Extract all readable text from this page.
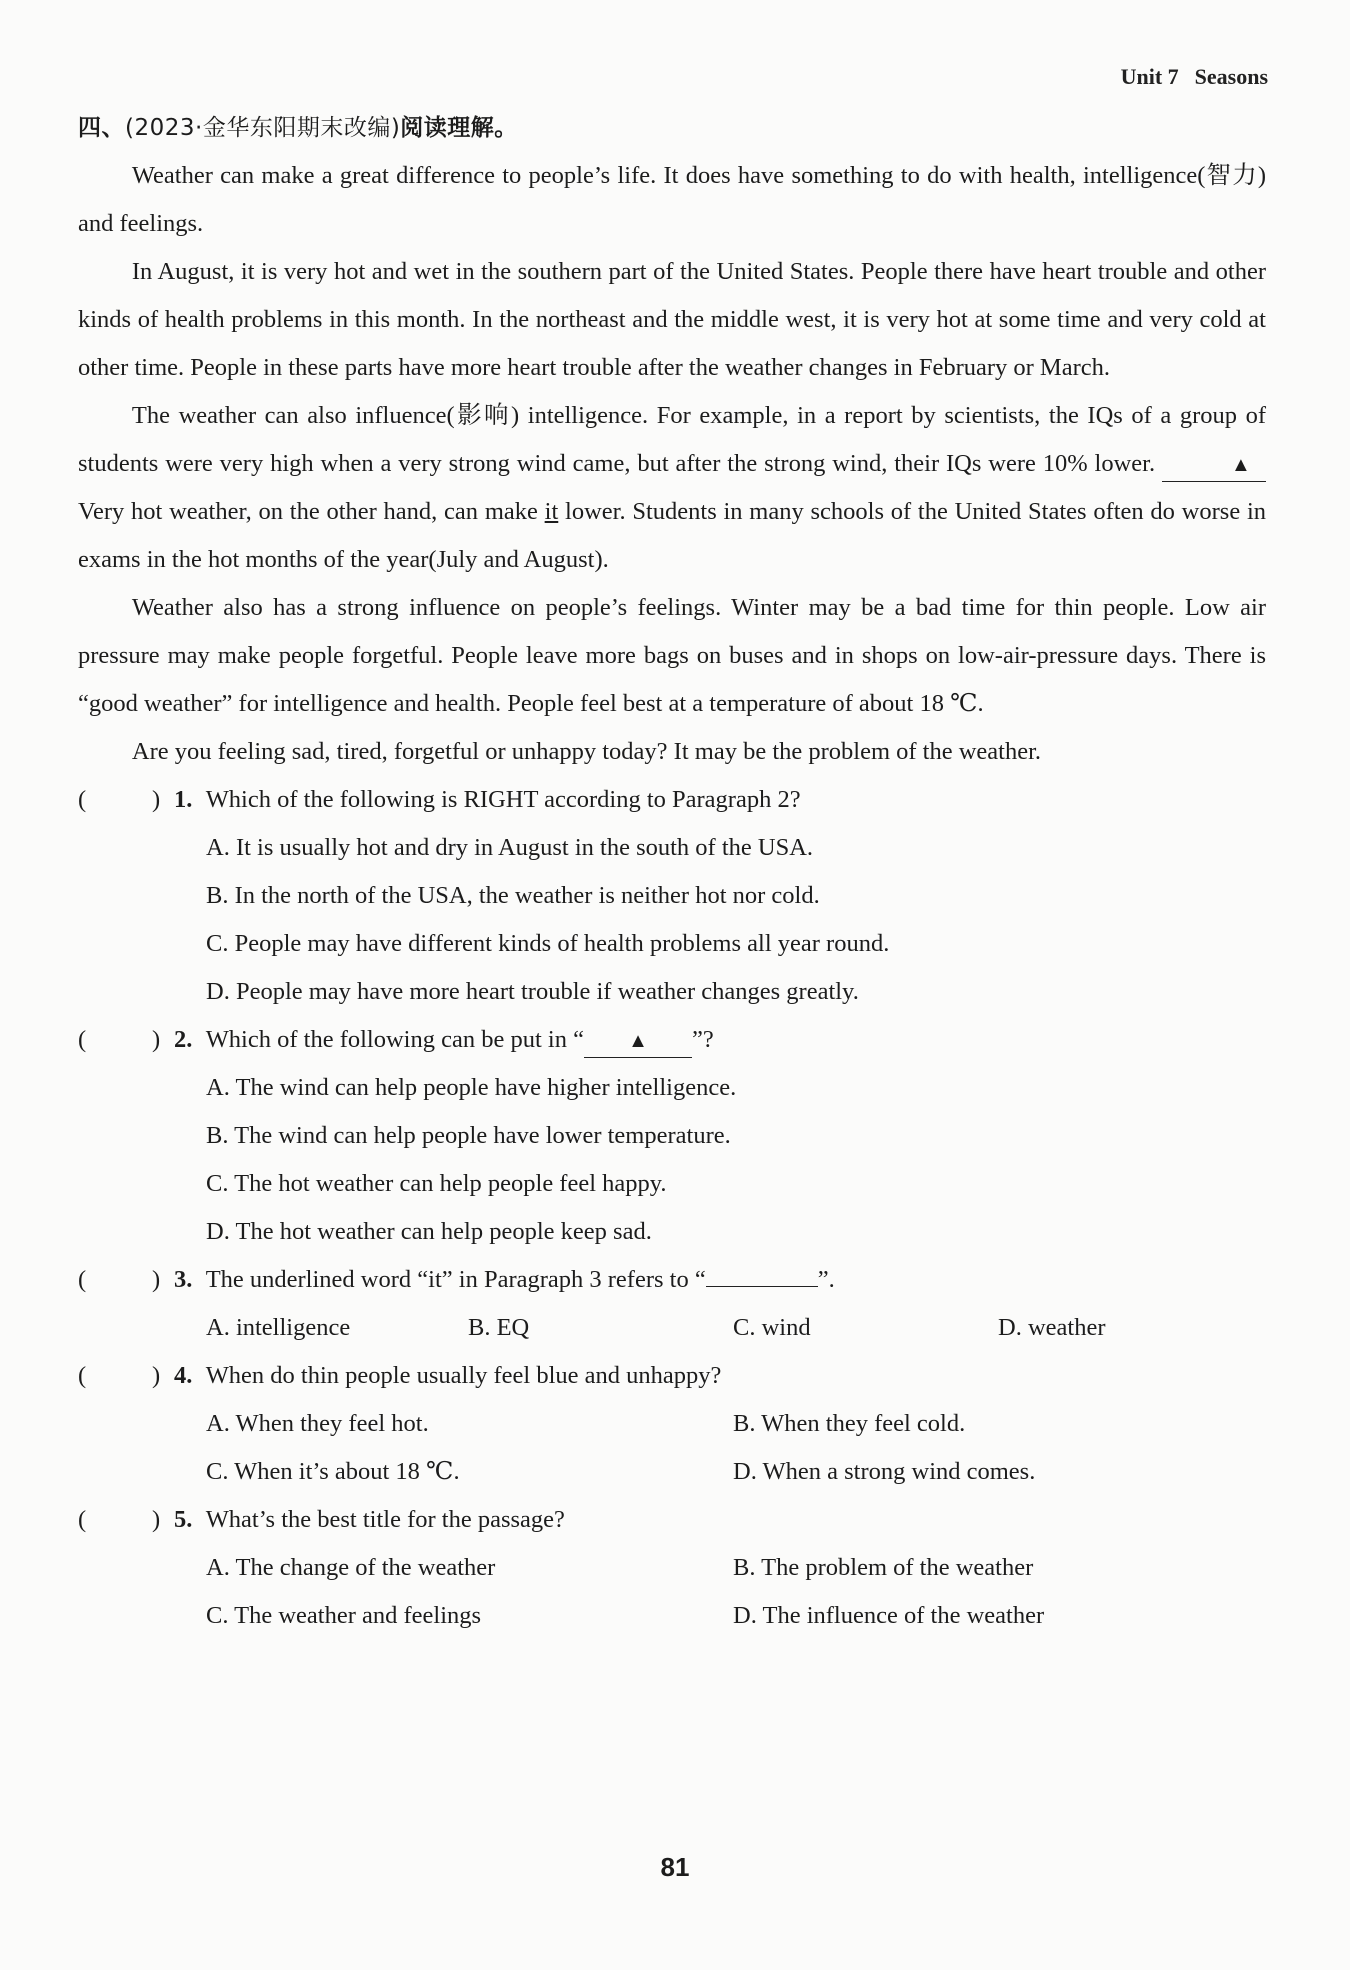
Unit 7 Seasons
四、(2023·金华东阳期末改编)阅读理解。

Weather can make a great difference to people’s life. It does have something to do with health, intelligence(智力) and feelings.

In August, it is very hot and wet in the southern part of the United States. People there have heart trouble and other kinds of health problems in this month. In the northeast and the middle west, it is very hot at some time and very cold at other time. People in these parts have more heart trouble after the weather changes in February or March.

The weather can also influence(影响) intelligence. For example, in a report by scientists, the IQs of a group of students were very high when a very strong wind came, but after the strong wind, their IQs were 10% lower.	▲ Very hot weather, on the other hand, can make it lower. Students in many schools of the United States often do worse in exams in the hot months of the year(July and August).

Weather also has a strong influence on people’s feelings. Winter may be a bad time for thin people. Low air pressure may make people forgetful. People leave more bags on buses and in shops on low-air-pressure days. There is “good weather” for intelligence and health. People feel best at a temperature of about 18 ℃.

Are you feeling sad, tired, forgetful or unhappy today? It may be the problem of the weather.

(	) 1. Which of the following is RIGHT according to Paragraph 2?
A. It is usually hot and dry in August in the south of the USA.
B. In the north of the USA, the weather is neither hot nor cold.
C. People may have different kinds of health problems all year round.
D. People may have more heart trouble if weather changes greatly.
(	) 2. Which of the following can be put in “ ▲ ”?
A. The wind can help people have higher intelligence.
B. The wind can help people have lower temperature.
C. The hot weather can help people feel happy.
D. The hot weather can help people keep sad.
(	) 3. The underlined word “it” in Paragraph 3 refers to “	”.
A. intelligence	B. EQ	C. wind	D. weather
(	) 4. When do thin people usually feel blue and unhappy?
A. When they feel hot.	B. When they feel cold.
C. When it’s about 18 ℃.	D. When a strong wind comes.
(	) 5. What’s the best title for the passage?
A. The change of the weather	B. The problem of the weather
C. The weather and feelings	D. The influence of the weather
81
